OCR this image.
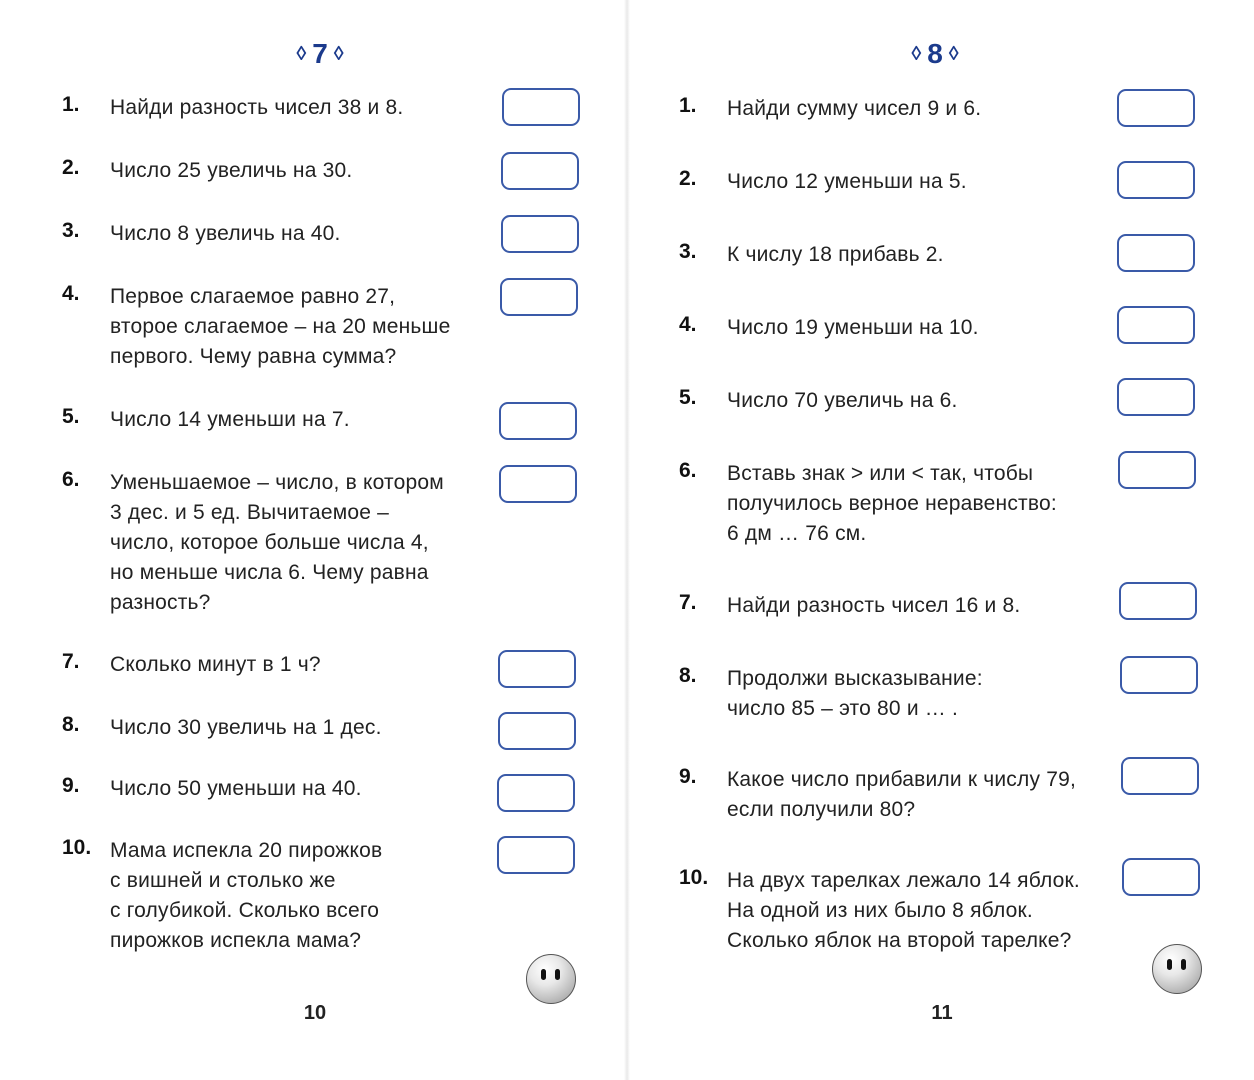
◊ 7 ◊
1.	Найди разность чисел 38 и 8.
2.	Число 25 увеличь на 30.
3.	Число 8 увеличь на 40.
4.	Первое слагаемое равно 27,
второе слагаемое – на 20 меньше
первого. Чему равна сумма?
5.	Число 14 уменьши на 7.
6.	Уменьшаемое – число, в котором
3 дес. и 5 ед. Вычитаемое –
число, которое больше числа 4,
но меньше числа 6. Чему равна
разность?
7.	Сколько минут в 1 ч?
8.	Число 30 увеличь на 1 дес.
9.	Число 50 уменьши на 40.
10. Мама испекла 20 пирожков
с вишней и столько же
с голубикой. Сколько всего
пирожков испекла мама?
10
◊ 8 ◊
1.	Найди сумму чисел 9 и 6.
2.	Число 12 уменьши на 5.
3.	К числу 18 прибавь 2.
4.	Число 19 уменьши на 10.
5.	Число 70 увеличь на 6.
6.	Вставь знак > или < так, чтобы
получилось верное неравенство:
6 дм … 76 см.
7.	Найди разность чисел 16 и 8.
8.	Продолжи высказывание:
число 85 – это 80 и … .
9.	Какое число прибавили к числу 79,
если получили 80?
10. На двух тарелках лежало 14 яблок.
На одной из них было 8 яблок.
Сколько яблок на второй тарелке?
11
